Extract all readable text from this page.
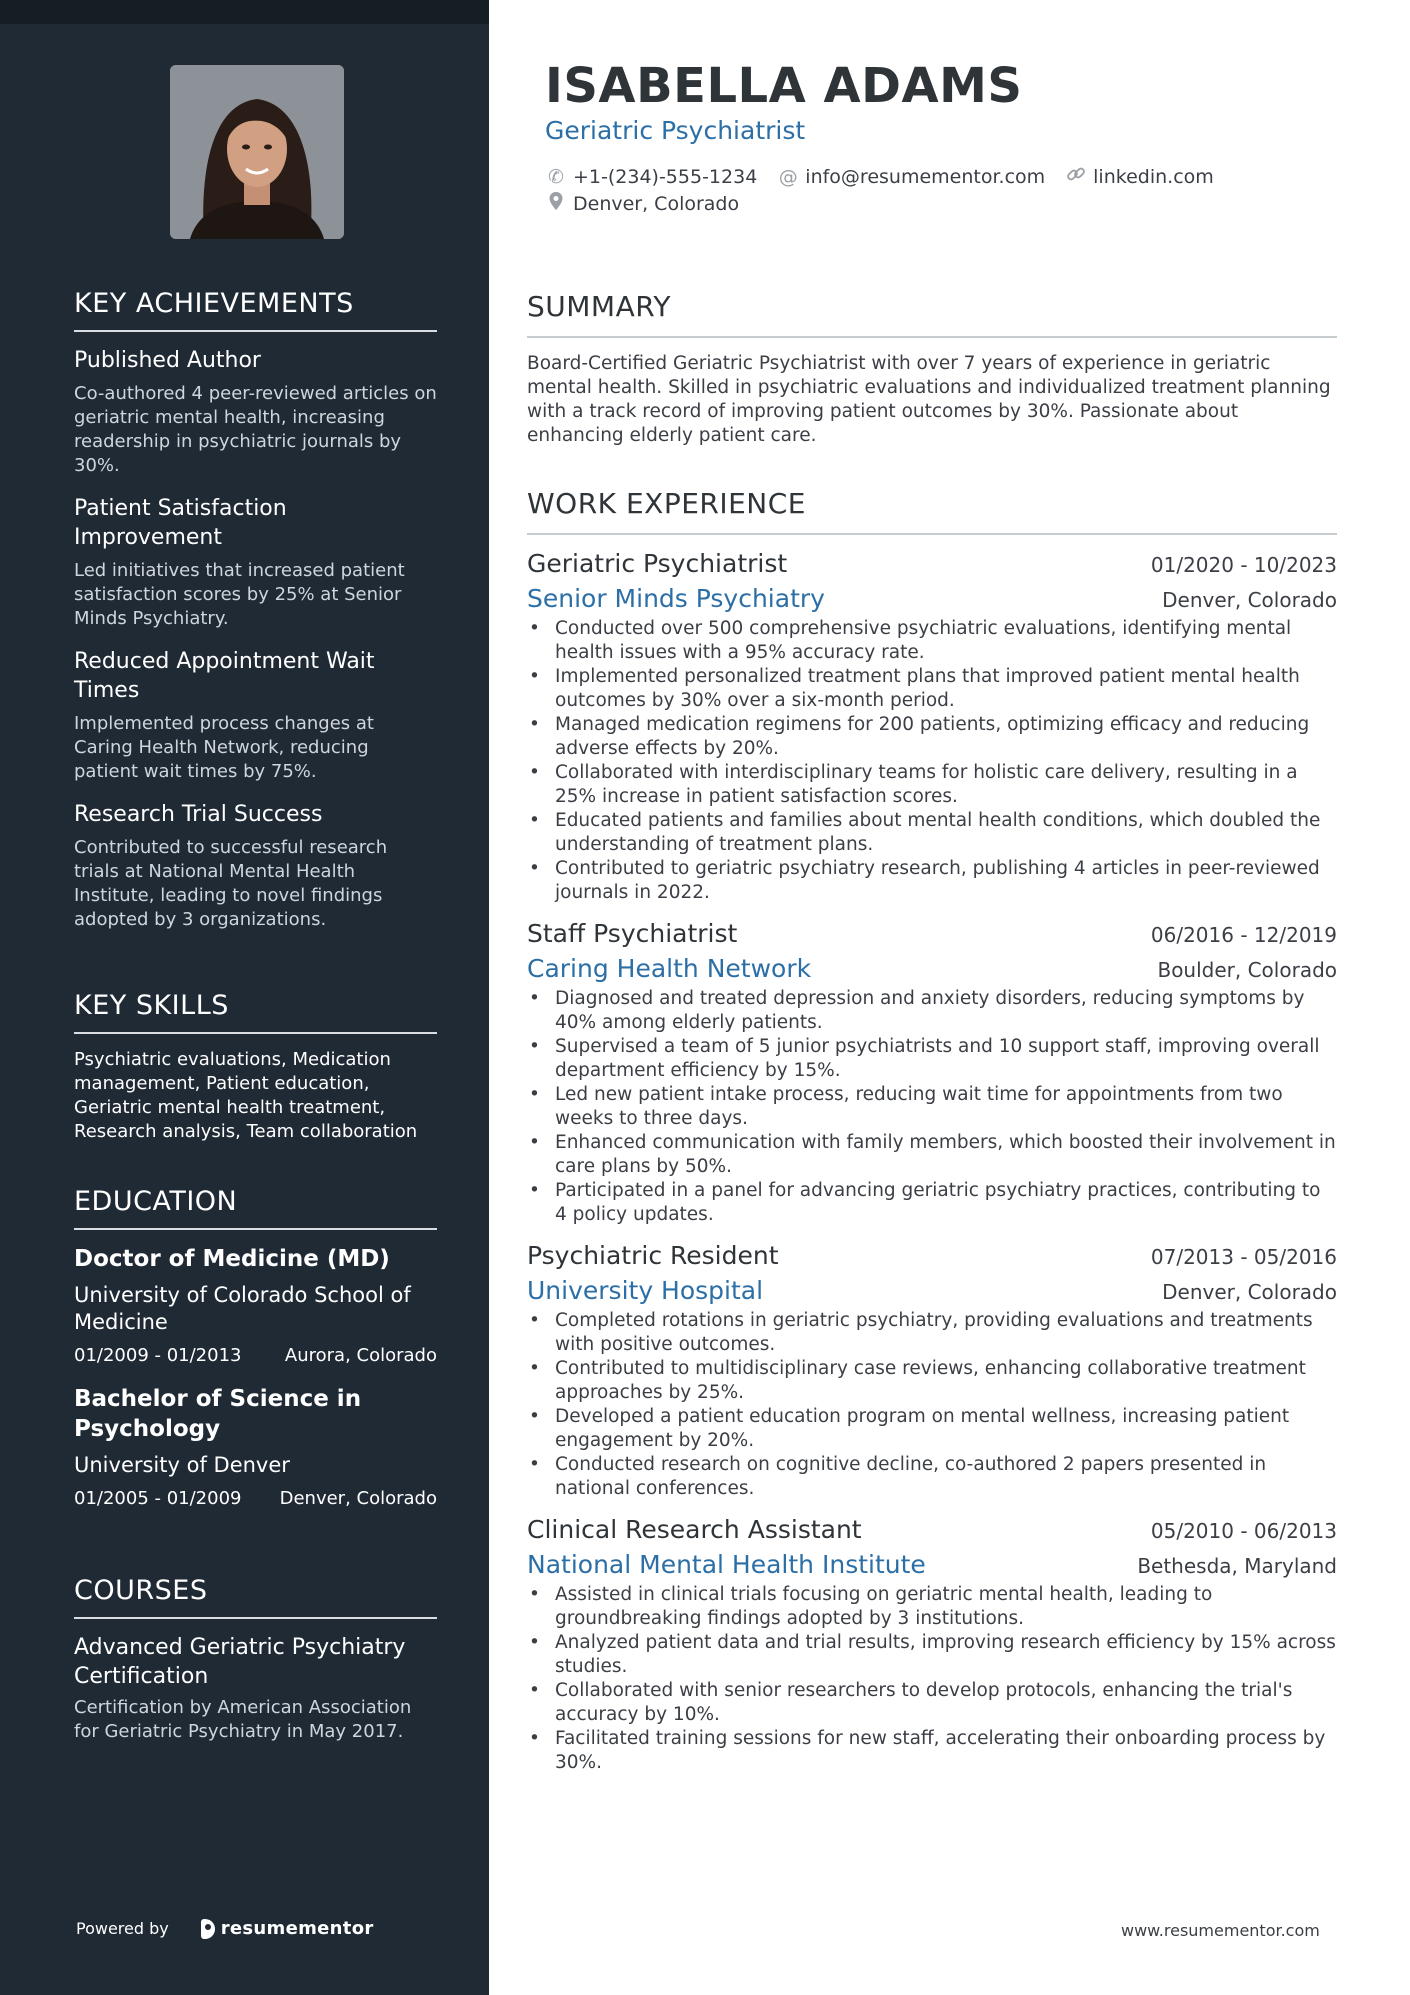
KEY ACHIEVEMENTS

Published Author

Co-authored 4 peer-reviewed articles on geriatric mental health, increasing readership in psychiatric journals by 30%.

Patient Satisfaction Improvement

Led initiatives that increased patient satisfaction scores by 25% at Senior Minds Psychiatry.

Reduced Appointment Wait Times

Implemented process changes at Caring Health Network, reducing patient wait times by 75%.

Research Trial Success

Contributed to successful research trials at National Mental Health Institute, leading to novel findings adopted by 3 organizations.

KEY SKILLS

Psychiatric evaluations, Medication management, Patient education, Geriatric mental health treatment, Research analysis, Team collaboration

EDUCATION

Doctor of Medicine (MD)

University of Colorado School of Medicine

01/2009 - 01/2013 Aurora, Colorado

Bachelor of Science in Psychology

University of Denver

01/2005 - 01/2009 Denver, Colorado
COURSES

Advanced Geriatric Psychiatry Certification

Certification by American Association for Geriatric Psychiatry in May 2017.

Powered by	resumementor
ISABELLA ADAMS

Geriatric Psychiatrist

✆ +1-(234)-555-1234 @ info@resumementor.com	linkedin.com
Denver, Colorado
SUMMARY

Board-Certified Geriatric Psychiatrist with over 7 years of experience in geriatric mental health. Skilled in psychiatric evaluations and individualized treatment planning with a track record of improving patient outcomes by 30%. Passionate about enhancing elderly patient care.

WORK EXPERIENCE
Geriatric Psychiatrist	01/2020 - 10/2023
Senior Minds Psychiatry	Denver, Colorado
• Conducted over 500 comprehensive psychiatric evaluations, identifying mental health issues with a 95% accuracy rate.
• Implemented personalized treatment plans that improved patient mental health outcomes by 30% over a six-month period.
• Managed medication regimens for 200 patients, optimizing efficacy and reducing adverse effects by 20%.
• Collaborated with interdisciplinary teams for holistic care delivery, resulting in a 25% increase in patient satisfaction scores.
• Educated patients and families about mental health conditions, which doubled the understanding of treatment plans.
• Contributed to geriatric psychiatry research, publishing 4 articles in peer-reviewed journals in 2022.
Staff Psychiatrist	06/2016 - 12/2019
Caring Health Network	Boulder, Colorado
• Diagnosed and treated depression and anxiety disorders, reducing symptoms by 40% among elderly patients.
• Supervised a team of 5 junior psychiatrists and 10 support staff, improving overall department efficiency by 15%.
• Led new patient intake process, reducing wait time for appointments from two weeks to three days.
• Enhanced communication with family members, which boosted their involvement in care plans by 50%.
• Participated in a panel for advancing geriatric psychiatry practices, contributing to 4 policy updates.
Psychiatric Resident	07/2013 - 05/2016
University Hospital	Denver, Colorado
• Completed rotations in geriatric psychiatry, providing evaluations and treatments with positive outcomes.
• Contributed to multidisciplinary case reviews, enhancing collaborative treatment approaches by 25%.
• Developed a patient education program on mental wellness, increasing patient engagement by 20%.
• Conducted research on cognitive decline, co-authored 2 papers presented in national conferences.
Clinical Research Assistant	05/2010 - 06/2013
National Mental Health Institute	Bethesda, Maryland
• Assisted in clinical trials focusing on geriatric mental health, leading to groundbreaking findings adopted by 3 institutions.
• Analyzed patient data and trial results, improving research efficiency by 15% across studies.
• Collaborated with senior researchers to develop protocols, enhancing the trial's accuracy by 10%.
• Facilitated training sessions for new staff, accelerating their onboarding process by 30%.
www.resumementor.com
